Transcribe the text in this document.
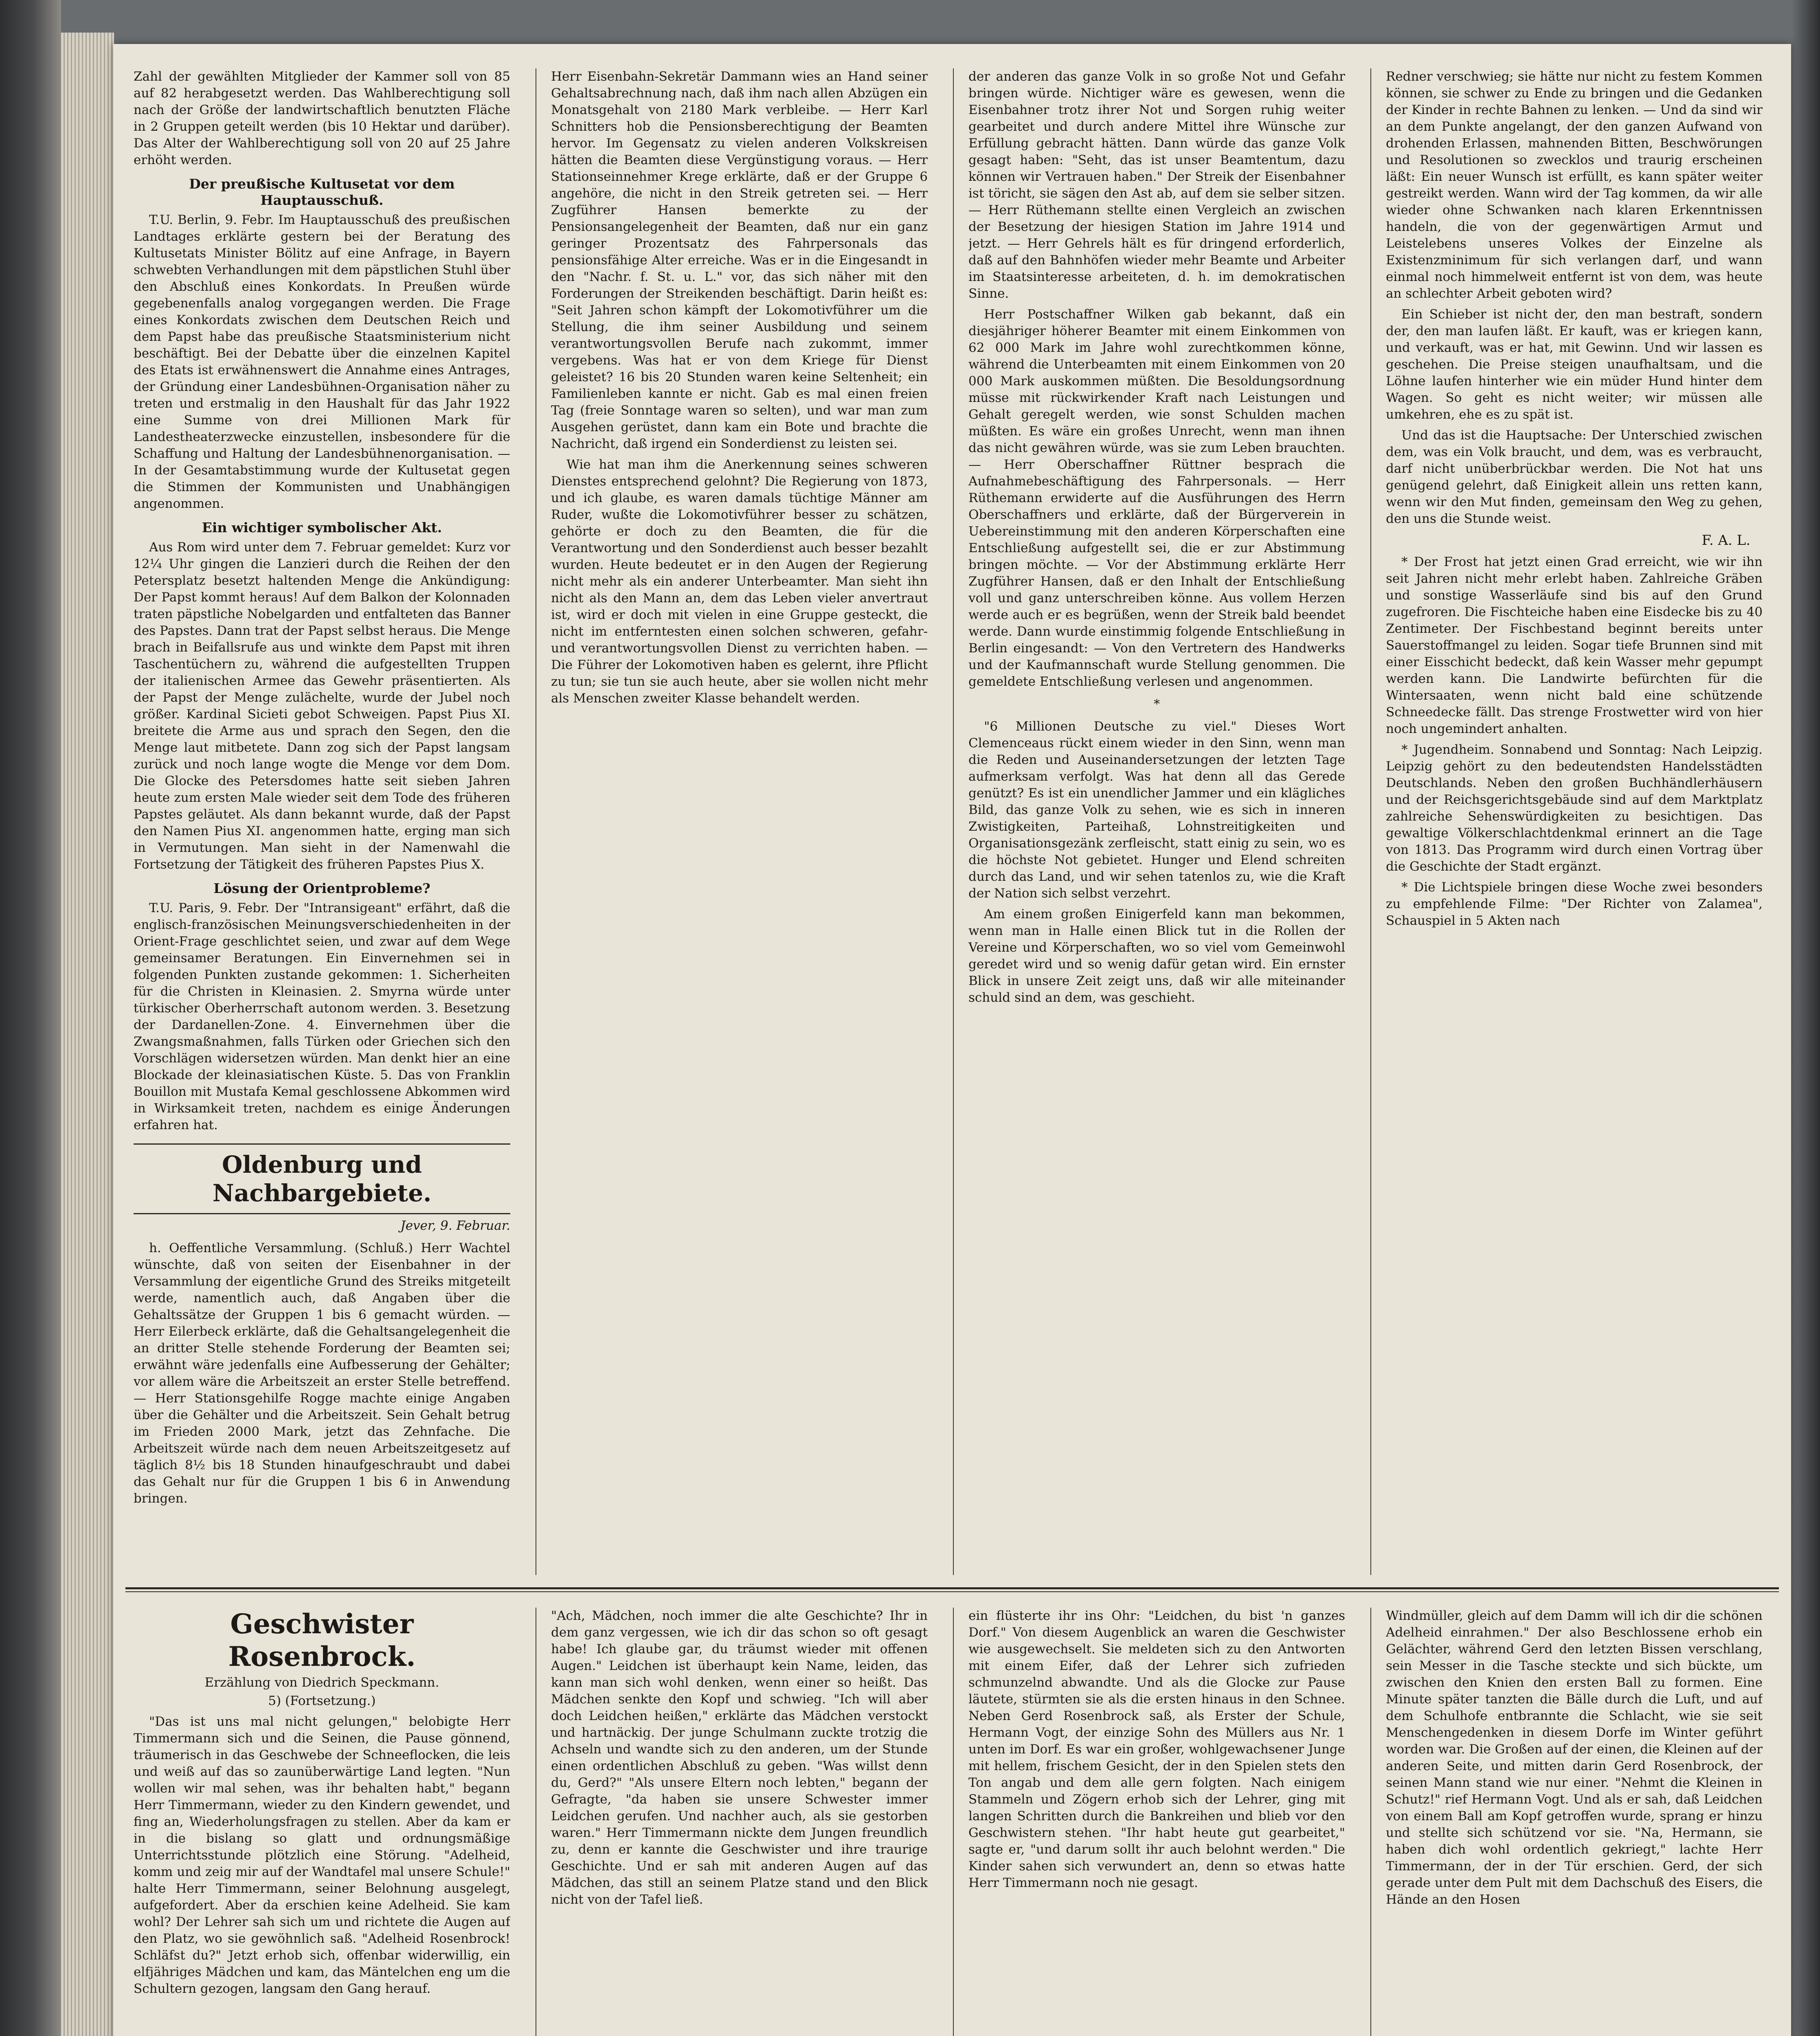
Zahl der gewählten Mitglieder der Kammer soll von 85 auf 82 herabgesetzt werden. Das Wahlberechtigung soll nach der Größe der landwirtschaftlich benutzten Fläche in 2 Gruppen geteilt werden (bis 10 Hektar und darüber). Das Alter der Wahlberechtigung soll von 20 auf 25 Jahre erhöht werden.

Der preußische Kultusetat vor dem Hauptausschuß.

T.U. Berlin, 9. Febr. Im Hauptausschuß des preußischen Landtages erklärte gestern bei der Beratung des Kultusetats Minister Bölitz auf eine Anfrage, in Bayern schwebten Verhandlungen mit dem päpstlichen Stuhl über den Abschluß eines Konkordats. In Preußen würde gegebenenfalls analog vorgegangen werden. Die Frage eines Konkordats zwischen dem Deutschen Reich und dem Papst habe das preußische Staatsministerium nicht beschäftigt. Bei der Debatte über die einzelnen Kapitel des Etats ist erwähnenswert die Annahme eines Antrages, der Gründung einer Landesbühnen-Organisation näher zu treten und erstmalig in den Haushalt für das Jahr 1922 eine Summe von drei Millionen Mark für Landestheaterzwecke einzustellen, insbesondere für die Schaffung und Haltung der Landesbühnenorganisation. — In der Gesamtabstimmung wurde der Kultusetat gegen die Stimmen der Kommunisten und Unabhängigen angenommen.

Ein wichtiger symbolischer Akt.

Aus Rom wird unter dem 7. Februar gemeldet: Kurz vor 12¼ Uhr gingen die Lanzieri durch die Reihen der den Petersplatz besetzt haltenden Menge die Ankündigung: Der Papst kommt heraus! Auf dem Balkon der Kolonnaden traten päpstliche Nobelgarden und entfalteten das Banner des Papstes. Dann trat der Papst selbst heraus. Die Menge brach in Beifallsrufe aus und winkte dem Papst mit ihren Taschentüchern zu, während die aufgestellten Truppen der italienischen Armee das Gewehr präsentierten. Als der Papst der Menge zulächelte, wurde der Jubel noch größer. Kardinal Sicieti gebot Schweigen. Papst Pius XI. breitete die Arme aus und sprach den Segen, den die Menge laut mitbetete. Dann zog sich der Papst langsam zurück und noch lange wogte die Menge vor dem Dom. Die Glocke des Petersdomes hatte seit sieben Jahren heute zum ersten Male wieder seit dem Tode des früheren Papstes geläutet. Als dann bekannt wurde, daß der Papst den Namen Pius XI. angenommen hatte, erging man sich in Vermutungen. Man sieht in der Namenwahl die Fortsetzung der Tätigkeit des früheren Papstes Pius X.

Lösung der Orientprobleme?

T.U. Paris, 9. Febr. Der "Intransigeant" erfährt, daß die englisch-französischen Meinungsverschiedenheiten in der Orient-Frage geschlichtet seien, und zwar auf dem Wege gemeinsamer Beratungen. Ein Einvernehmen sei in folgenden Punkten zustande gekommen: 1. Sicherheiten für die Christen in Kleinasien. 2. Smyrna würde unter türkischer Oberherrschaft autonom werden. 3. Besetzung der Dardanellen-Zone. 4. Einvernehmen über die Zwangsmaßnahmen, falls Türken oder Griechen sich den Vorschlägen widersetzen würden. Man denkt hier an eine Blockade der kleinasiatischen Küste. 5. Das von Franklin Bouillon mit Mustafa Kemal geschlossene Abkommen wird in Wirksamkeit treten, nachdem es einige Änderungen erfahren hat.

Oldenburg und Nachbargebiete.
Jever, 9. Februar.

h. Oeffentliche Versammlung. (Schluß.) Herr Wachtel wünschte, daß von seiten der Eisenbahner in der Versammlung der eigentliche Grund des Streiks mitgeteilt werde, namentlich auch, daß Angaben über die Gehaltssätze der Gruppen 1 bis 6 gemacht würden. — Herr Eilerbeck erklärte, daß die Gehaltsangelegenheit die an dritter Stelle stehende Forderung der Beamten sei; erwähnt wäre jedenfalls eine Aufbesserung der Gehälter; vor allem wäre die Arbeitszeit an erster Stelle betreffend. — Herr Stationsgehilfe Rogge machte einige Angaben über die Gehälter und die Arbeitszeit. Sein Gehalt betrug im Frieden 2000 Mark, jetzt das Zehnfache. Die Arbeitszeit würde nach dem neuen Arbeitszeitgesetz auf täglich 8½ bis 18 Stunden hinaufgeschraubt und dabei das Gehalt nur für die Gruppen 1 bis 6 in Anwendung bringen.

Herr Eisenbahn-Sekretär Dammann wies an Hand seiner Gehaltsabrechnung nach, daß ihm nach allen Abzügen ein Monatsgehalt von 2180 Mark verbleibe. — Herr Karl Schnitters hob die Pensionsberechtigung der Beamten hervor. Im Gegensatz zu vielen anderen Volkskreisen hätten die Beamten diese Vergünstigung voraus. — Herr Stationseinnehmer Krege erklärte, daß er der Gruppe 6 angehöre, die nicht in den Streik getreten sei. — Herr Zugführer Hansen bemerkte zu der Pensionsangelegenheit der Beamten, daß nur ein ganz geringer Prozentsatz des Fahrpersonals das pensionsfähige Alter erreiche. Was er in die Eingesandt in den "Nachr. f. St. u. L." vor, das sich näher mit den Forderungen der Streikenden beschäftigt. Darin heißt es: "Seit Jahren schon kämpft der Lokomotivführer um die Stellung, die ihm seiner Ausbildung und seinem verantwortungsvollen Berufe nach zukommt, immer vergebens. Was hat er von dem Kriege für Dienst geleistet? 16 bis 20 Stunden waren keine Seltenheit; ein Familienleben kannte er nicht. Gab es mal einen freien Tag (freie Sonntage waren so selten), und war man zum Ausgehen gerüstet, dann kam ein Bote und brachte die Nachricht, daß irgend ein Sonderdienst zu leisten sei.

Wie hat man ihm die Anerkennung seines schweren Dienstes entsprechend gelohnt? Die Regierung von 1873, und ich glaube, es waren damals tüchtige Männer am Ruder, wußte die Lokomotivführer besser zu schätzen, gehörte er doch zu den Beamten, die für die Verantwortung und den Sonderdienst auch besser bezahlt wurden. Heute bedeutet er in den Augen der Regierung nicht mehr als ein anderer Unterbeamter. Man sieht ihn nicht als den Mann an, dem das Leben vieler anvertraut ist, wird er doch mit vielen in eine Gruppe gesteckt, die nicht im entferntesten einen solchen schweren, gefahr- und verantwortungsvollen Dienst zu verrichten haben. — Die Führer der Lokomotiven haben es gelernt, ihre Pflicht zu tun; sie tun sie auch heute, aber sie wollen nicht mehr als Menschen zweiter Klasse behandelt werden.

der anderen das ganze Volk in so große Not und Gefahr bringen würde. Nichtiger wäre es gewesen, wenn die Eisenbahner trotz ihrer Not und Sorgen ruhig weiter gearbeitet und durch andere Mittel ihre Wünsche zur Erfüllung gebracht hätten. Dann würde das ganze Volk gesagt haben: "Seht, das ist unser Beamtentum, dazu können wir Vertrauen haben." Der Streik der Eisenbahner ist töricht, sie sägen den Ast ab, auf dem sie selber sitzen. — Herr Rüthemann stellte einen Vergleich an zwischen der Besetzung der hiesigen Station im Jahre 1914 und jetzt. — Herr Gehrels hält es für dringend erforderlich, daß auf den Bahnhöfen wieder mehr Beamte und Arbeiter im Staatsinteresse arbeiteten, d. h. im demokratischen Sinne.

Herr Postschaffner Wilken gab bekannt, daß ein diesjähriger höherer Beamter mit einem Einkommen von 62 000 Mark im Jahre wohl zurechtkommen könne, während die Unterbeamten mit einem Einkommen von 20 000 Mark auskommen müßten. Die Besoldungsordnung müsse mit rückwirkender Kraft nach Leistungen und Gehalt geregelt werden, wie sonst Schulden machen müßten. Es wäre ein großes Unrecht, wenn man ihnen das nicht gewähren würde, was sie zum Leben brauchten. — Herr Oberschaffner Rüttner besprach die Aufnahmebeschäftigung des Fahrpersonals. — Herr Rüthemann erwiderte auf die Ausführungen des Herrn Oberschaffners und erklärte, daß der Bürgerverein in Uebereinstimmung mit den anderen Körperschaften eine Entschließung aufgestellt sei, die er zur Abstimmung bringen möchte. — Vor der Abstimmung erklärte Herr Zugführer Hansen, daß er den Inhalt der Entschließung voll und ganz unterschreiben könne. Aus vollem Herzen werde auch er es begrüßen, wenn der Streik bald beendet werde. Dann wurde einstimmig folgende Entschließung in Berlin eingesandt: — Von den Vertretern des Handwerks und der Kaufmannschaft wurde Stellung genommen. Die gemeldete Entschließung verlesen und angenommen.

*

"6 Millionen Deutsche zu viel." Dieses Wort Clemenceaus rückt einem wieder in den Sinn, wenn man die Reden und Auseinandersetzungen der letzten Tage aufmerksam verfolgt. Was hat denn all das Gerede genützt? Es ist ein unendlicher Jammer und ein klägliches Bild, das ganze Volk zu sehen, wie es sich in inneren Zwistigkeiten, Parteihaß, Lohnstreitigkeiten und Organisationsgezänk zerfleischt, statt einig zu sein, wo es die höchste Not gebietet. Hunger und Elend schreiten durch das Land, und wir sehen tatenlos zu, wie die Kraft der Nation sich selbst verzehrt.

Am einem großen Einigerfeld kann man bekommen, wenn man in Halle einen Blick tut in die Rollen der Vereine und Körperschaften, wo so viel vom Gemeinwohl geredet wird und so wenig dafür getan wird. Ein ernster Blick in unsere Zeit zeigt uns, daß wir alle miteinander schuld sind an dem, was geschieht.

Redner verschwieg; sie hätte nur nicht zu festem Kommen können, sie schwer zu Ende zu bringen und die Gedanken der Kinder in rechte Bahnen zu lenken. — Und da sind wir an dem Punkte angelangt, der den ganzen Aufwand von drohenden Erlassen, mahnenden Bitten, Beschwörungen und Resolutionen so zwecklos und traurig erscheinen läßt: Ein neuer Wunsch ist erfüllt, es kann später weiter gestreikt werden. Wann wird der Tag kommen, da wir alle wieder ohne Schwanken nach klaren Erkenntnissen handeln, die von der gegenwärtigen Armut und Leistelebens unseres Volkes der Einzelne als Existenzminimum für sich verlangen darf, und wann einmal noch himmelweit entfernt ist von dem, was heute an schlechter Arbeit geboten wird?

Ein Schieber ist nicht der, den man bestraft, sondern der, den man laufen läßt. Er kauft, was er kriegen kann, und verkauft, was er hat, mit Gewinn. Und wir lassen es geschehen. Die Preise steigen unaufhaltsam, und die Löhne laufen hinterher wie ein müder Hund hinter dem Wagen. So geht es nicht weiter; wir müssen alle umkehren, ehe es zu spät ist.

Und das ist die Hauptsache: Der Unterschied zwischen dem, was ein Volk braucht, und dem, was es verbraucht, darf nicht unüberbrückbar werden. Die Not hat uns genügend gelehrt, daß Einigkeit allein uns retten kann, wenn wir den Mut finden, gemeinsam den Weg zu gehen, den uns die Stunde weist.

F. A. L.

* Der Frost hat jetzt einen Grad erreicht, wie wir ihn seit Jahren nicht mehr erlebt haben. Zahlreiche Gräben und sonstige Wasserläufe sind bis auf den Grund zugefroren. Die Fischteiche haben eine Eisdecke bis zu 40 Zentimeter. Der Fischbestand beginnt bereits unter Sauerstoffmangel zu leiden. Sogar tiefe Brunnen sind mit einer Eisschicht bedeckt, daß kein Wasser mehr gepumpt werden kann. Die Landwirte befürchten für die Wintersaaten, wenn nicht bald eine schützende Schneedecke fällt. Das strenge Frostwetter wird von hier noch ungemindert anhalten.

* Jugendheim. Sonnabend und Sonntag: Nach Leipzig. Leipzig gehört zu den bedeutendsten Handelsstädten Deutschlands. Neben den großen Buchhändlerhäusern und der Reichsgerichtsgebäude sind auf dem Marktplatz zahlreiche Sehenswürdigkeiten zu besichtigen. Das gewaltige Völkerschlachtdenkmal erinnert an die Tage von 1813. Das Programm wird durch einen Vortrag über die Geschichte der Stadt ergänzt.

* Die Lichtspiele bringen diese Woche zwei besonders zu empfehlende Filme: "Der Richter von Zalamea", Schauspiel in 5 Akten nach

Geschwister Rosenbrock.
Erzählung von Diedrich Speckmann.
5) (Fortsetzung.)

"Das ist uns mal nicht gelungen," belobigte Herr Timmermann sich und die Seinen, die Pause gönnend, träumerisch in das Geschwebe der Schneeflocken, die leis und weiß auf das so zaunüberwärtige Land legten. "Nun wollen wir mal sehen, was ihr behalten habt," begann Herr Timmermann, wieder zu den Kindern gewendet, und fing an, Wiederholungsfragen zu stellen. Aber da kam er in die bislang so glatt und ordnungsmäßige Unterrichtsstunde plötzlich eine Störung. "Adelheid, komm und zeig mir auf der Wandtafel mal unsere Schule!" halte Herr Timmermann, seiner Belohnung ausgelegt, aufgefordert. Aber da erschien keine Adelheid. Sie kam wohl? Der Lehrer sah sich um und richtete die Augen auf den Platz, wo sie gewöhnlich saß. "Adelheid Rosenbrock! Schläfst du?" Jetzt erhob sich, offenbar widerwillig, ein elfjähriges Mädchen und kam, das Mäntelchen eng um die Schultern gezogen, langsam den Gang herauf.

"Ach, Mädchen, noch immer die alte Geschichte? Ihr in dem ganz vergessen, wie ich dir das schon so oft gesagt habe! Ich glaube gar, du träumst wieder mit offenen Augen." Leidchen ist überhaupt kein Name, leiden, das kann man sich wohl denken, wenn einer so heißt. Das Mädchen senkte den Kopf und schwieg. "Ich will aber doch Leidchen heißen," erklärte das Mädchen verstockt und hartnäckig. Der junge Schulmann zuckte trotzig die Achseln und wandte sich zu den anderen, um der Stunde einen ordentlichen Abschluß zu geben. "Was willst denn du, Gerd?" "Als unsere Eltern noch lebten," begann der Gefragte, "da haben sie unsere Schwester immer Leidchen gerufen. Und nachher auch, als sie gestorben waren." Herr Timmermann nickte dem Jungen freundlich zu, denn er kannte die Geschwister und ihre traurige Geschichte. Und er sah mit anderen Augen auf das Mädchen, das still an seinem Platze stand und den Blick nicht von der Tafel ließ.

ein flüsterte ihr ins Ohr: "Leidchen, du bist 'n ganzes Dorf." Von diesem Augenblick an waren die Geschwister wie ausgewechselt. Sie meldeten sich zu den Antworten mit einem Eifer, daß der Lehrer sich zufrieden schmunzelnd abwandte. Und als die Glocke zur Pause läutete, stürmten sie als die ersten hinaus in den Schnee. Neben Gerd Rosenbrock saß, als Erster der Schule, Hermann Vogt, der einzige Sohn des Müllers aus Nr. 1 unten im Dorf. Es war ein großer, wohlgewachsener Junge mit hellem, frischem Gesicht, der in den Spielen stets den Ton angab und dem alle gern folgten. Nach einigem Stammeln und Zögern erhob sich der Lehrer, ging mit langen Schritten durch die Bankreihen und blieb vor den Geschwistern stehen. "Ihr habt heute gut gearbeitet," sagte er, "und darum sollt ihr auch belohnt werden." Die Kinder sahen sich verwundert an, denn so etwas hatte Herr Timmermann noch nie gesagt.

Windmüller, gleich auf dem Damm will ich dir die schönen Adelheid einrahmen." Der also Beschlossene erhob ein Gelächter, während Gerd den letzten Bissen verschlang, sein Messer in die Tasche steckte und sich bückte, um zwischen den Knien den ersten Ball zu formen. Eine Minute später tanzten die Bälle durch die Luft, und auf dem Schulhofe entbrannte die Schlacht, wie sie seit Menschengedenken in diesem Dorfe im Winter geführt worden war. Die Großen auf der einen, die Kleinen auf der anderen Seite, und mitten darin Gerd Rosenbrock, der seinen Mann stand wie nur einer. "Nehmt die Kleinen in Schutz!" rief Hermann Vogt. Und als er sah, daß Leidchen von einem Ball am Kopf getroffen wurde, sprang er hinzu und stellte sich schützend vor sie. "Na, Hermann, sie haben dich wohl ordentlich gekriegt," lachte Herr Timmermann, der in der Tür erschien. Gerd, der sich gerade unter dem Pult mit dem Dachschuß des Eisers, die Hände an den Hosen
